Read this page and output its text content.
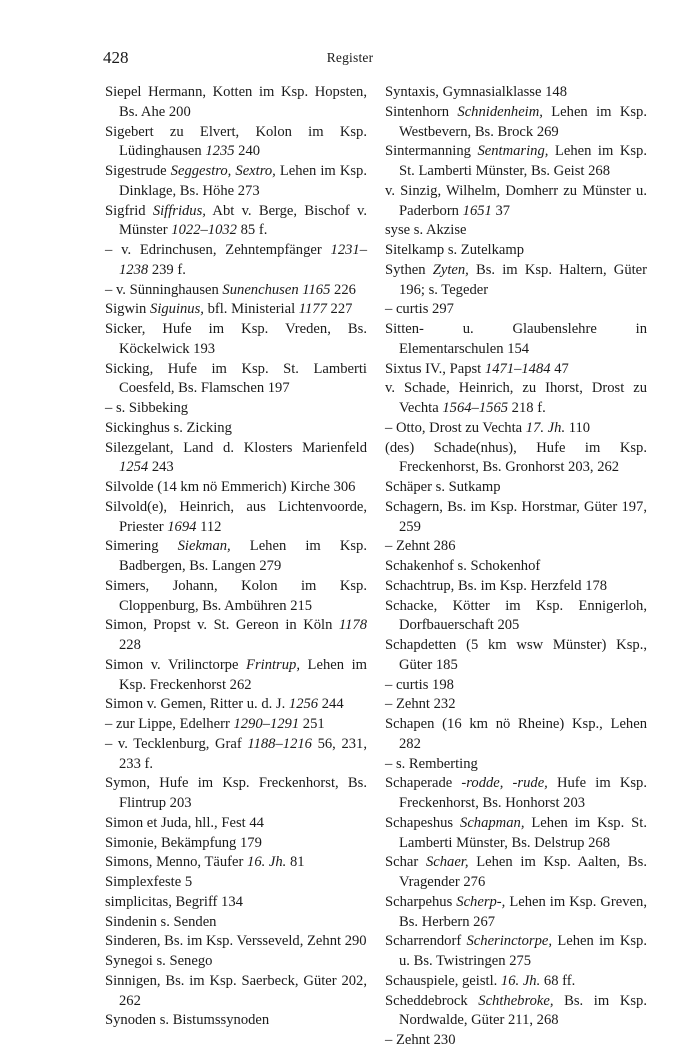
428	Register
Siepel Hermann, Kotten im Ksp. Hopsten, Bs. Ahe 200
Sigebert zu Elvert, Kolon im Ksp. Lüdinghausen 1235 240
Sigestrude Seggestro, Sextro, Lehen im Ksp. Dinklage, Bs. Höhe 273
Sigfrid Siffridus, Abt v. Berge, Bischof v. Münster 1022–1032 85 f.
– v. Edrinchusen, Zehntempfänger 1231–1238 239 f.
– v. Sünninghausen Sunenchusen 1165 226
Sigwin Siguinus, bfl. Ministerial 1177 227
Sicker, Hufe im Ksp. Vreden, Bs. Köckelwick 193
Sicking, Hufe im Ksp. St. Lamberti Coesfeld, Bs. Flamschen 197
– s. Sibbeking
Sickinghus s. Zicking
Silezgelant, Land d. Klosters Marienfeld 1254 243
Silvolde (14 km nö Emmerich) Kirche 306
Silvold(e), Heinrich, aus Lichtenvoorde, Priester 1694 112
Simering Siekman, Lehen im Ksp. Badbergen, Bs. Langen 279
Simers, Johann, Kolon im Ksp. Cloppenburg, Bs. Ambühren 215
Simon, Propst v. St. Gereon in Köln 1178 228
Simon v. Vrilinctorpe Frintrup, Lehen im Ksp. Freckenhorst 262
Simon v. Gemen, Ritter u. d. J. 1256 244
– zur Lippe, Edelherr 1290–1291 251
– v. Tecklenburg, Graf 1188–1216 56, 231, 233 f.
Symon, Hufe im Ksp. Freckenhorst, Bs. Flintrup 203
Simon et Juda, hll., Fest 44
Simonie, Bekämpfung 179
Simons, Menno, Täufer 16. Jh. 81
Simplexfeste 5
simplicitas, Begriff 134
Sindenin s. Senden
Sinderen, Bs. im Ksp. Versseveld, Zehnt 290
Synegoi s. Senego
Sinnigen, Bs. im Ksp. Saerbeck, Güter 202, 262
Synoden s. Bistumssynoden
Syntaxis, Gymnasialklasse 148
Sintenhorn Schnidenheim, Lehen im Ksp. Westbevern, Bs. Brock 269
Sintermanning Sentmaring, Lehen im Ksp. St. Lamberti Münster, Bs. Geist 268
v. Sinzig, Wilhelm, Domherr zu Münster u. Paderborn 1651 37
syse s. Akzise
Sitelkamp s. Zutelkamp
Sythen Zyten, Bs. im Ksp. Haltern, Güter 196; s. Tegeder
– curtis 297
Sitten- u. Glaubenslehre in Elementarschulen 154
Sixtus IV., Papst 1471–1484 47
v. Schade, Heinrich, zu Ihorst, Drost zu Vechta 1564–1565 218 f.
– Otto, Drost zu Vechta 17. Jh. 110
(des) Schade(nhus), Hufe im Ksp. Freckenhorst, Bs. Gronhorst 203, 262
Schäper s. Sutkamp
Schagern, Bs. im Ksp. Horstmar, Güter 197, 259
– Zehnt 286
Schakenhof s. Schokenhof
Schachtrup, Bs. im Ksp. Herzfeld 178
Schacke, Kötter im Ksp. Ennigerloh, Dorfbauerschaft 205
Schapdetten (5 km wsw Münster) Ksp., Güter 185
– curtis 198
– Zehnt 232
Schapen (16 km nö Rheine) Ksp., Lehen 282
– s. Remberting
Schaperade -rodde, -rude, Hufe im Ksp. Freckenhorst, Bs. Honhorst 203
Schapeshus Schapman, Lehen im Ksp. St. Lamberti Münster, Bs. Delstrup 268
Schar Schaer, Lehen im Ksp. Aalten, Bs. Vragender 276
Scharpehus Scherp-, Lehen im Ksp. Greven, Bs. Herbern 267
Scharrendorf Scherinctorpe, Lehen im Ksp. u. Bs. Twistringen 275
Schauspiele, geistl. 16. Jh. 68 ff.
Scheddebrock Schthebroke, Bs. im Ksp. Nordwalde, Güter 211, 268
– Zehnt 230
